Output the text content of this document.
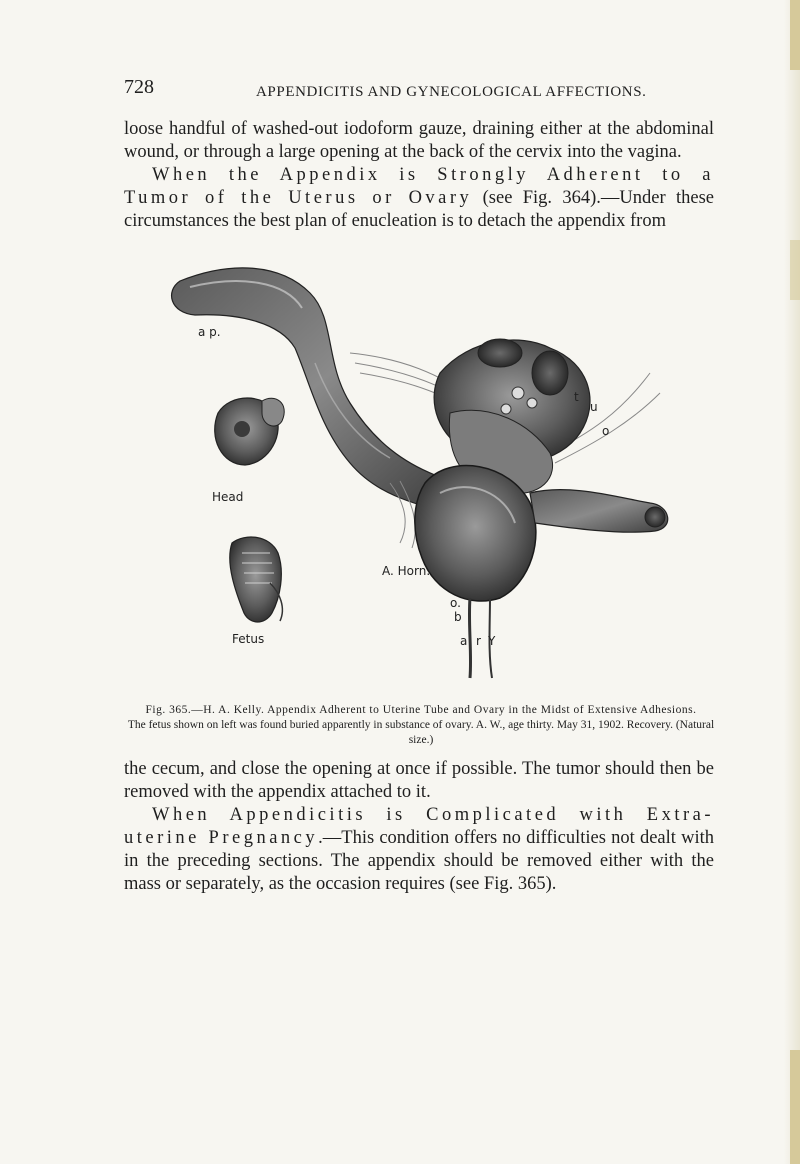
728	APPENDICITIS AND GYNECOLOGICAL AFFECTIONS.

loose handful of washed-out iodoform gauze, draining either at the abdominal wound, or through a large opening at the back of the cervix into the vagina.

When the Appendix is Strongly Adherent to a Tumor of the Uterus or Ovary (see Fig. 364).—Under these circumstances the best plan of enucleation is to detach the appendix from

a p.
Head
Fetus
A. Horn.
t
u
o
a r Y
o.
b

Fig. 365.—H. A. Kelly. Appendix Adherent to Uterine Tube and Ovary in the Midst of Extensive Adhesions.

The fetus shown on left was found buried apparently in substance of ovary. A. W., age thirty. May 31, 1902. Recovery. (Natural size.)

the cecum, and close the opening at once if possible. The tumor should then be removed with the appendix attached to it.

When Appendicitis is Complicated with Extra-uterine Pregnancy.—This condition offers no difficulties not dealt with in the preceding sections. The appendix should be removed either with the mass or separately, as the occasion requires (see Fig. 365).
